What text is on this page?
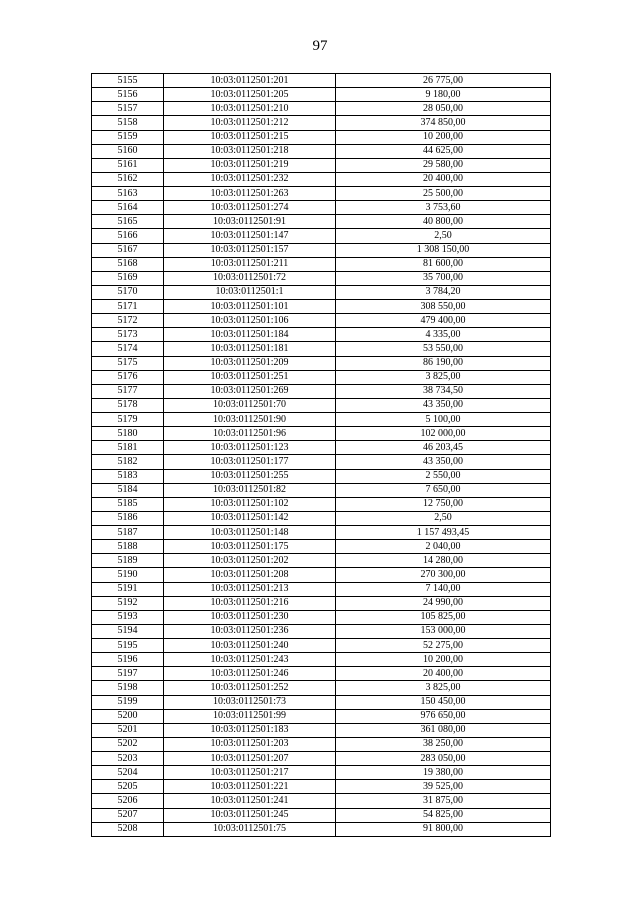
97
5155	10:03:0112501:201	26 775,00
5156	10:03:0112501:205	9 180,00
5157	10:03:0112501:210	28 050,00
5158	10:03:0112501:212	374 850,00
5159	10:03:0112501:215	10 200,00
5160	10:03:0112501:218	44 625,00
5161	10:03:0112501:219	29 580,00
5162	10:03:0112501:232	20 400,00
5163	10:03:0112501:263	25 500,00
5164	10:03:0112501:274	3 753,60
5165	10:03:0112501:91	40 800,00
5166	10:03:0112501:147	2,50
5167	10:03:0112501:157	1 308 150,00
5168	10:03:0112501:211	81 600,00
5169	10:03:0112501:72	35 700,00
5170	10:03:0112501:1	3 784,20
5171	10:03:0112501:101	308 550,00
5172	10:03:0112501:106	479 400,00
5173	10:03:0112501:184	4 335,00
5174	10:03:0112501:181	53 550,00
5175	10:03:0112501:209	86 190,00
5176	10:03:0112501:251	3 825,00
5177	10:03:0112501:269	38 734,50
5178	10:03:0112501:70	43 350,00
5179	10:03:0112501:90	5 100,00
5180	10:03:0112501:96	102 000,00
5181	10:03:0112501:123	46 203,45
5182	10:03:0112501:177	43 350,00
5183	10:03:0112501:255	2 550,00
5184	10:03:0112501:82	7 650,00
5185	10:03:0112501:102	12 750,00
5186	10:03:0112501:142	2,50
5187	10:03:0112501:148	1 157 493,45
5188	10:03:0112501:175	2 040,00
5189	10:03:0112501:202	14 280,00
5190	10:03:0112501:208	270 300,00
5191	10:03:0112501:213	7 140,00
5192	10:03:0112501:216	24 990,00
5193	10:03:0112501:230	105 825,00
5194	10:03:0112501:236	153 000,00
5195	10:03:0112501:240	52 275,00
5196	10:03:0112501:243	10 200,00
5197	10:03:0112501:246	20 400,00
5198	10:03:0112501:252	3 825,00
5199	10:03:0112501:73	150 450,00
5200	10:03:0112501:99	976 650,00
5201	10:03:0112501:183	361 080,00
5202	10:03:0112501:203	38 250,00
5203	10:03:0112501:207	283 050,00
5204	10:03:0112501:217	19 380,00
5205	10:03:0112501:221	39 525,00
5206	10:03:0112501:241	31 875,00
5207	10:03:0112501:245	54 825,00
5208	10:03:0112501:75	91 800,00
